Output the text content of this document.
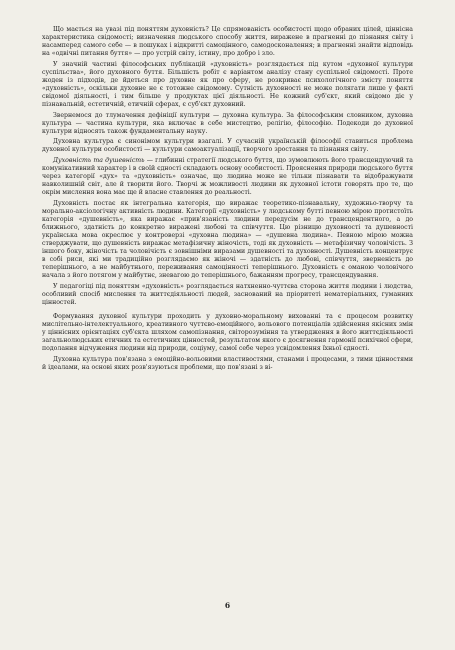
Що мається на увазі під поняттям духовність? Це спрямованість особистості щодо обраних цілей, ціннісна характеристика свідомості; визначення людського способу життя, виражене в прагненні до пізнання світу і насамперед самого себе — в пошуках і відкритті самоцінного, самодосконалення; в прагненні знайти відповідь на «одвічні питання буття» — про устрій світу, істину, про добро і зло.

У значній частині філософських публікацій «духовність» розглядається під кутом «духовної культури суспільства», його духовного буття. Більшість робіт є варіантом аналізу стану суспільної свідомості. Проте жоден із підходів, де йдеться про духовне як про сферу, не розкриває психологічного змісту поняття «духовність», оскільки духовне не є тотожне свідомому. Сутність духовності не може полягати лише у факті свідомої діяльності, і тим більше у продуктах цієї діяльності. Не кожний суб'єкт, який свідомо діє у пізнавальній, естетичній, етичній сферах, є суб'єкт духовний.

Звернемося до тлумачення дефініції культури — духовна культура. За філософським словником, духовна культура — частина культури, яка включає в себе мистецтво, релігію, філософію. Подекоди до духовної культури відносять також фундаментальну науку.

Духовна культура є синонімом культури взагалі. У сучасній українській філософії ставиться проблема духовної культури особистості — культури самоактуалізації, творчого зростання та пізнання світу.

Духовність та душевність — глибинні стратегії людського буття, що зумовлюють його трансцендуючий та комунікативний характер і в своїй єдності складають основу особистості. Прояснення природи людського буття через категорії «дух» та «духовність» означає, що людина може не тільки пізнавати та відображувати навколишній світ, але й творити його. Творчі ж можливості людини як духовної істоти говорять про те, що окрім мислення вона має ще й власне ставлення до реальності.

Духовність постає як інтегральна категорія, що виражає теоретико-пізнавальну, художньо-творчу та морально-аксіологічну активність людини. Категорії «духовність» у людському бутті певною мірою протистоїть категорія «душевність», яка виражає «прив'язаність людини передусім не до трансцендентного, а до ближнього, здатність до конкретно виражені любові та співчуття. Цю різницю духовності та душевності українська мова окреслює у контроверзі «духовна людина» — «душевна людина». Певною мірою можна стверджувати, що душевність виражає метафізичну жіночість, тоді як духовність — метафізичну чоловічість. З іншого боку, жіночість та чоловічість є зовнішніми виразами душевності та духовності. Душевність концентрує в собі риси, які ми традиційно розглядаємо як жіночі — здатність до любові, співчуття, зверненість до теперішнього, а не майбутнього, переживання самоцінності теперішнього. Духовність є оманою чоловічого начала з його потягом у майбутнє, зневагою до теперішнього, бажанням прогресу, трансцендування.

У педагогіці під поняттям «духовність» розглядається натхненно-чуттєва сторона життя людини і людства, особливий спосіб мислення та життєдіяльності людей, заснований на пріоритеті нематеріальних, гуманних цінностей.

Формування духовної культури проходить у духовно-моральному вихованні та є процесом розвитку мислітельно-інтелектуального, креативного чуттєво-емоційного, вольового потенціалів здійснення якісних змін у ціннісних орієнтаціях суб'єкта шляхом самопізнання, світорозуміння та утвердження в його життєдіяльності загальнолюдських етичних та естетичних цінностей, результатом якого є досягнення гармонії психічної сфери, подолання відчуження людини від природи, соціуму, самої себе через усвідомлення їхньої єдності.

Духовна культура пов'язана з емоційно-вольовими властивостями, станами і процесами, з тими цінностями й ідеалами, на основі яких розв'язуються проблеми, що пов'язані з ві-

6
